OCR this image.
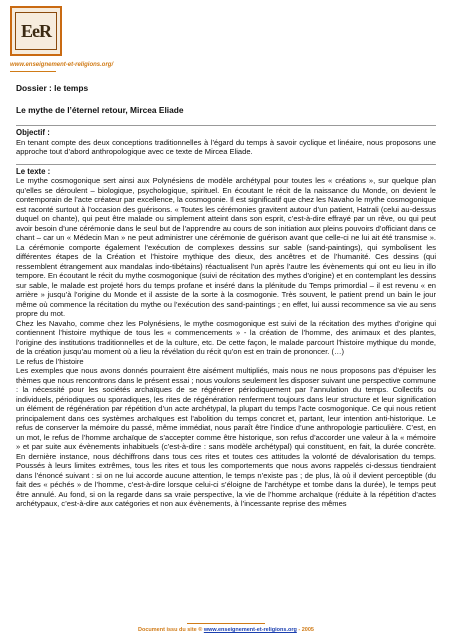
EeR
www.enseignement-et-religions.org/

Dossier : le temps

Le mythe de l’éternel retour, Mircea Eliade

Objectif :

En tenant compte des deux conceptions traditionnelles à l’égard du temps à savoir cyclique et linéaire, nous proposons une approche tout d’abord anthropologique avec ce texte de Mircea Eliade.

Le texte :

Le mythe cosmogonique sert ainsi aux Polynésiens de modèle archétypal pour toutes les « créations », sur quelque plan qu’elles se déroulent – biologique, psychologique, spirituel. En écoutant le récit de la naissance du Monde, on devient le contemporain de l’acte créateur par excellence, la cosmogonie. Il est significatif que chez les Navaho le mythe cosmogonique est raconté surtout à l’occasion des guérisons. « Toutes les cérémonies gravitent autour d’un patient, Hatrali (celui au-dessus duquel on chante), qui peut être malade ou simplement atteint dans son esprit, c’est-à-dire effrayé par un rêve, ou qui peut avoir besoin d’une cérémonie dans le seul but de l’apprendre au cours de son initiation aux pleins pouvoirs d’officiant dans ce chant – car un « Médecin Man » ne peut administrer une cérémonie de guérison avant que celle-ci ne lui ait été transmise ». La cérémonie comporte également l’exécution de complexes dessins sur sable (sand-paintings), qui symbolisent les différentes étapes de la Création et l’histoire mythique des dieux, des ancêtres et de l’humanité. Ces dessins (qui ressemblent étrangement aux mandalas indo-tibétains) réactualisent l’un après l’autre les évènements qui ont eu lieu in illo tempore. En écoutant le récit du mythe cosmogonique (suivi de récitation des mythes d’origine) et en contemplant les dessins sur sable, le malade est projeté hors du temps profane et inséré dans la plénitude du Temps primordial – il est revenu « en arrière » jusqu’à l’origine du Monde et il assiste de la sorte à la cosmogonie. Très souvent, le patient prend un bain le jour même où commence la récitation du mythe ou l’exécution des sand-paintings ; en effet, lui aussi recommence sa vie au sens propre du mot.

Chez les Navaho, comme chez les Polynésiens, le mythe cosmogonique est suivi de la récitation des mythes d’origine qui contiennent l’histoire mythique de tous les « commencements » - la création de l’homme, des animaux et des plantes, l’origine des institutions traditionnelles et de la culture, etc. De cette façon, le malade parcourt l’histoire mythique du monde, de la création jusqu’au moment où a lieu la révélation du récit qu’on est en train de prononcer. (…)

Le refus de l’histoire

Les exemples que nous avons donnés pourraient être aisément multipliés, mais nous ne nous proposons pas d’épuiser les thèmes que nous rencontrons dans le présent essai ; nous voulons seulement les disposer suivant une perspective commune : la nécessité pour les sociétés archaïques de se régénérer périodiquement par l’annulation du temps. Collectifs ou individuels, périodiques ou sporadiques, les rites de régénération renferment toujours dans leur structure et leur signification un élément de régénération par répétition d’un acte archétypal, la plupart du temps l’acte cosmogonique. Ce qui nous retient principalement dans ces systèmes archaïques est l’abolition du temps concret et, partant, leur intention anti-historique. Le refus de conserver la mémoire du passé, même immédiat, nous paraît être l’indice d’une anthropologie particulière. C’est, en un mot, le refus de l’homme archaïque de s’accepter comme être historique, son refus d’accorder une valeur à la « mémoire » et par suite aux évènements inhabituels (c’est-à-dire : sans modèle archétypal) qui constituent, en fait, la durée concrète. En dernière instance, nous déchiffrons dans tous ces rites et toutes ces attitudes la volonté de dévalorisation du temps. Poussés à leurs limites extrêmes, tous les rites et tous les comportements que nous avons rappelés ci-dessus tiendraient dans l’énoncé suivant : si on ne lui accorde aucune attention, le temps n’existe pas ; de plus, là où il devient perceptible (du fait des « péchés » de l’homme, c’est-à-dire lorsque celui-ci s’éloigne de l’archétype et tombe dans la durée), le temps peut être annulé. Au fond, si on la regarde dans sa vraie perspective, la vie de l’homme archaïque (réduite à la répétition d’actes archétypaux, c’est-à-dire aux catégories et non aux évènements, à l’incessante reprise des mêmes

Document issu du site ® www.enseignement-et-religions.org - 2005
